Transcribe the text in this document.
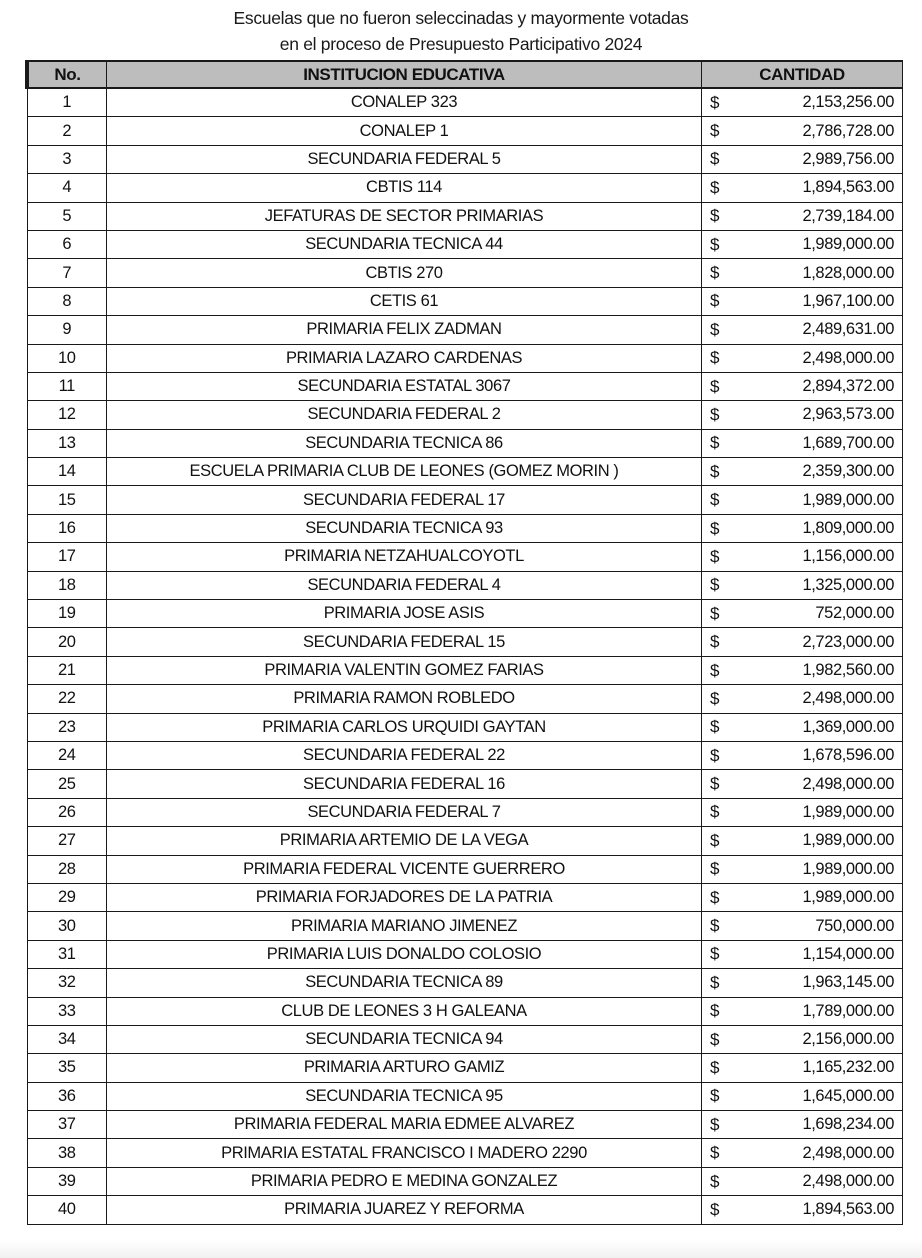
Escuelas que no fueron seleccinadas y mayormente votadas
en el proceso de Presupuesto Participativo 2024
No.	INSTITUCION EDUCATIVA	CANTIDAD
1	CONALEP 323	$ 2,153,256.00

2	CONALEP 1	$ 2,786,728.00

3	SECUNDARIA FEDERAL 5	$ 2,989,756.00

4	CBTIS 114	$ 1,894,563.00

5	JEFATURAS DE SECTOR PRIMARIAS	$ 2,739,184.00

6	SECUNDARIA TECNICA 44	$ 1,989,000.00

7	CBTIS 270	$ 1,828,000.00

8	CETIS 61	$ 1,967,100.00

9	PRIMARIA FELIX ZADMAN	$ 2,489,631.00

10	PRIMARIA LAZARO CARDENAS	$ 2,498,000.00

11	SECUNDARIA ESTATAL 3067	$ 2,894,372.00

12	SECUNDARIA FEDERAL 2	$ 2,963,573.00

13	SECUNDARIA TECNICA 86	$ 1,689,700.00

14	ESCUELA PRIMARIA CLUB DE LEONES (GOMEZ MORIN )	$ 2,359,300.00

15	SECUNDARIA FEDERAL 17	$ 1,989,000.00

16	SECUNDARIA TECNICA 93	$ 1,809,000.00

17	PRIMARIA NETZAHUALCOYOTL	$ 1,156,000.00

18	SECUNDARIA FEDERAL 4	$ 1,325,000.00

19	PRIMARIA JOSE ASIS	$ 752,000.00

20	SECUNDARIA FEDERAL 15	$ 2,723,000.00

21	PRIMARIA VALENTIN GOMEZ FARIAS	$ 1,982,560.00

22	PRIMARIA RAMON ROBLEDO	$ 2,498,000.00

23	PRIMARIA CARLOS URQUIDI GAYTAN	$ 1,369,000.00

24	SECUNDARIA FEDERAL 22	$ 1,678,596.00

25	SECUNDARIA FEDERAL 16	$ 2,498,000.00

26	SECUNDARIA FEDERAL 7	$ 1,989,000.00

27	PRIMARIA ARTEMIO DE LA VEGA	$ 1,989,000.00

28	PRIMARIA FEDERAL VICENTE GUERRERO	$ 1,989,000.00

29	PRIMARIA FORJADORES DE LA PATRIA	$ 1,989,000.00

30	PRIMARIA MARIANO JIMENEZ	$ 750,000.00

31	PRIMARIA LUIS DONALDO COLOSIO	$ 1,154,000.00

32	SECUNDARIA TECNICA 89	$ 1,963,145.00

33	CLUB DE LEONES 3 H GALEANA	$ 1,789,000.00

34	SECUNDARIA TECNICA 94	$ 2,156,000.00

35	PRIMARIA ARTURO GAMIZ	$ 1,165,232.00

36	SECUNDARIA TECNICA 95	$ 1,645,000.00

37	PRIMARIA FEDERAL MARIA EDMEE ALVAREZ	$ 1,698,234.00

38	PRIMARIA ESTATAL FRANCISCO I MADERO 2290	$ 2,498,000.00

39	PRIMARIA PEDRO E MEDINA GONZALEZ	$ 2,498,000.00

40	PRIMARIA JUAREZ Y REFORMA	$ 1,894,563.00
